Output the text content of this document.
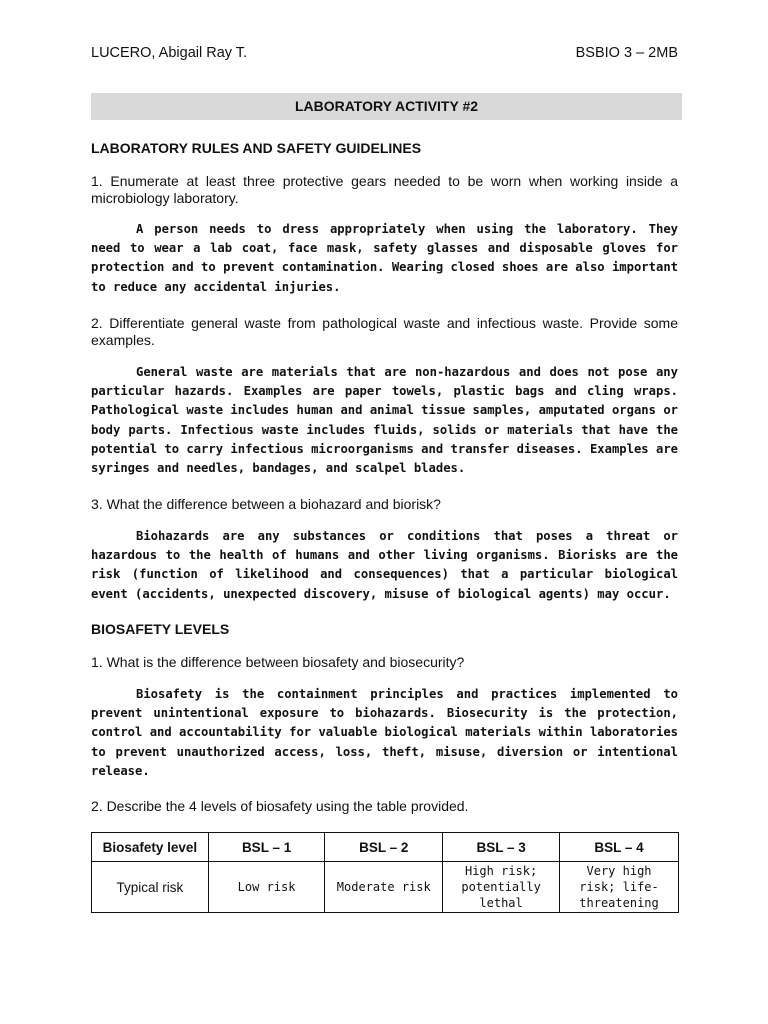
LUCERO, Abigail Ray T.	BSBIO 3 – 2MB
LABORATORY ACTIVITY #2
LABORATORY RULES AND SAFETY GUIDELINES
1. Enumerate at least three protective gears needed to be worn when working inside a microbiology laboratory.
A person needs to dress appropriately when using the laboratory. They need to wear a lab coat, face mask, safety glasses and disposable gloves for protection and to prevent contamination. Wearing closed shoes are also important to reduce any accidental injuries.
2. Differentiate general waste from pathological waste and infectious waste. Provide some examples.
General waste are materials that are non-hazardous and does not pose any particular hazards. Examples are paper towels, plastic bags and cling wraps. Pathological waste includes human and animal tissue samples, amputated organs or body parts. Infectious waste includes fluids, solids or materials that have the potential to carry infectious microorganisms and transfer diseases. Examples are syringes and needles, bandages, and scalpel blades.
3. What the difference between a biohazard and biorisk?
Biohazards are any substances or conditions that poses a threat or hazardous to the health of humans and other living organisms. Biorisks are the risk (function of likelihood and consequences) that a particular biological event (accidents, unexpected discovery, misuse of biological agents) may occur.
BIOSAFETY LEVELS
1. What is the difference between biosafety and biosecurity?
Biosafety is the containment principles and practices implemented to prevent unintentional exposure to biohazards. Biosecurity is the protection, control and accountability for valuable biological materials within laboratories to prevent unauthorized access, loss, theft, misuse, diversion or intentional release.
2. Describe the 4 levels of biosafety using the table provided.
Biosafety level	BSL – 1	BSL – 2	BSL – 3	BSL – 4
Typical risk	Low risk	Moderate risk	High risk; potentially lethal	Very high risk; life-threatening
